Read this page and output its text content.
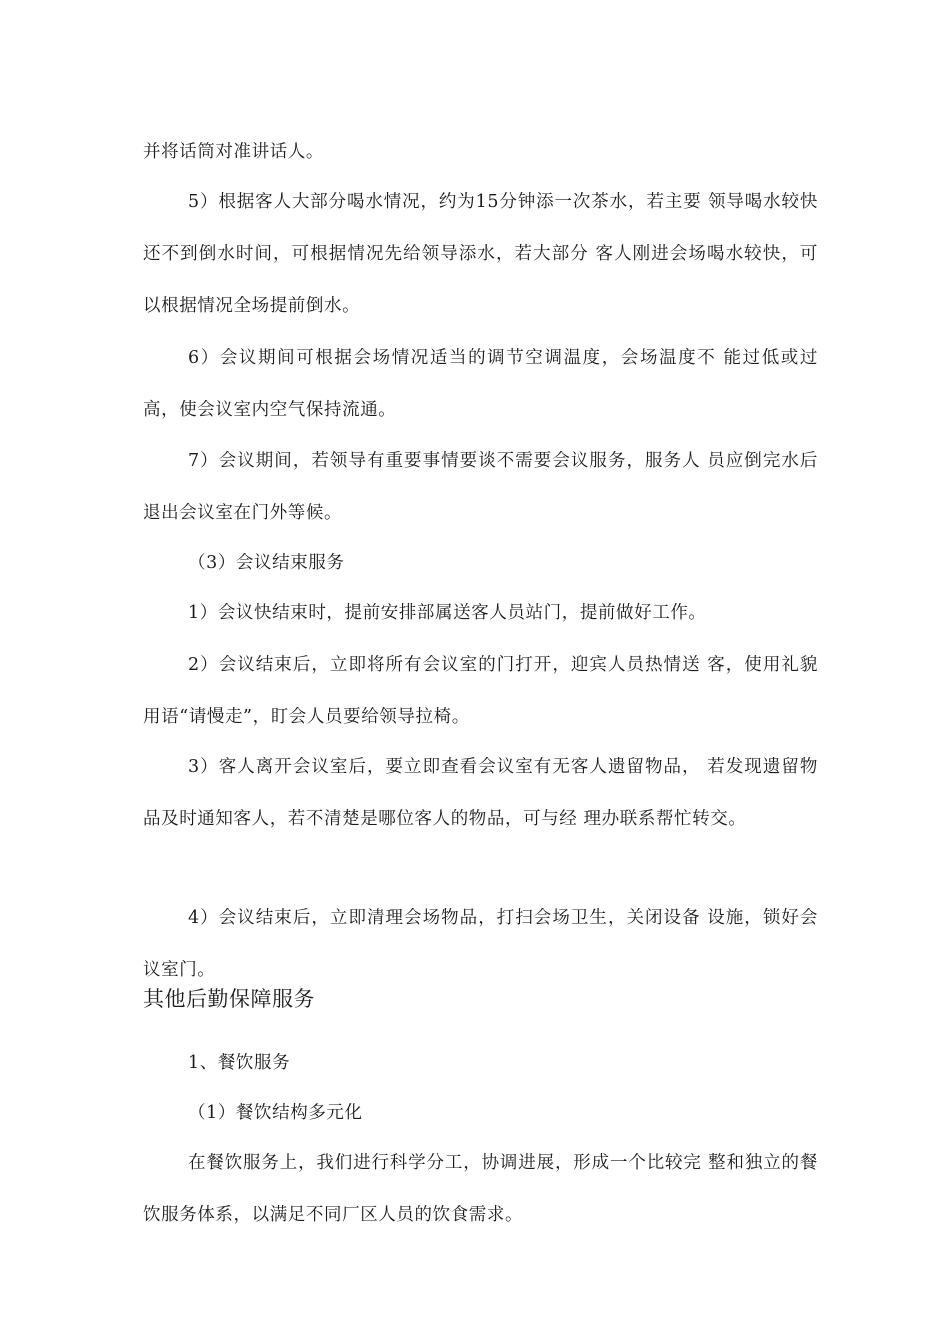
并将话筒对准讲话人。

5）根据客人大部分喝水情况，约为15分钟添一次茶水，若主要 领导喝水较快还不到倒水时间，可根据情况先给领导添水，若大部分 客人刚进会场喝水较快，可以根据情况全场提前倒水。

6）会议期间可根据会场情况适当的调节空调温度，会场温度不 能过低或过高，使会议室内空气保持流通。

7）会议期间，若领导有重要事情要谈不需要会议服务，服务人 员应倒完水后退出会议室在门外等候。

（3）会议结束服务

1）会议快结束时，提前安排部属送客人员站门，提前做好工作。

2）会议结束后，立即将所有会议室的门打开，迎宾人员热情送 客，使用礼貌用语“请慢走”，盯会人员要给领导拉椅。

3）客人离开会议室后，要立即查看会议室有无客人遗留物品， 若发现遗留物品及时通知客人，若不清楚是哪位客人的物品，可与经 理办联系帮忙转交。

4）会议结束后，立即清理会场物品，打扫会场卫生，关闭设备 设施，锁好会议室门。

其他后勤保障服务

1、餐饮服务

（1）餐饮结构多元化

在餐饮服务上，我们进行科学分工，协调进展，形成一个比较完 整和独立的餐饮服务体系，以满足不同厂区人员的饮食需求。
